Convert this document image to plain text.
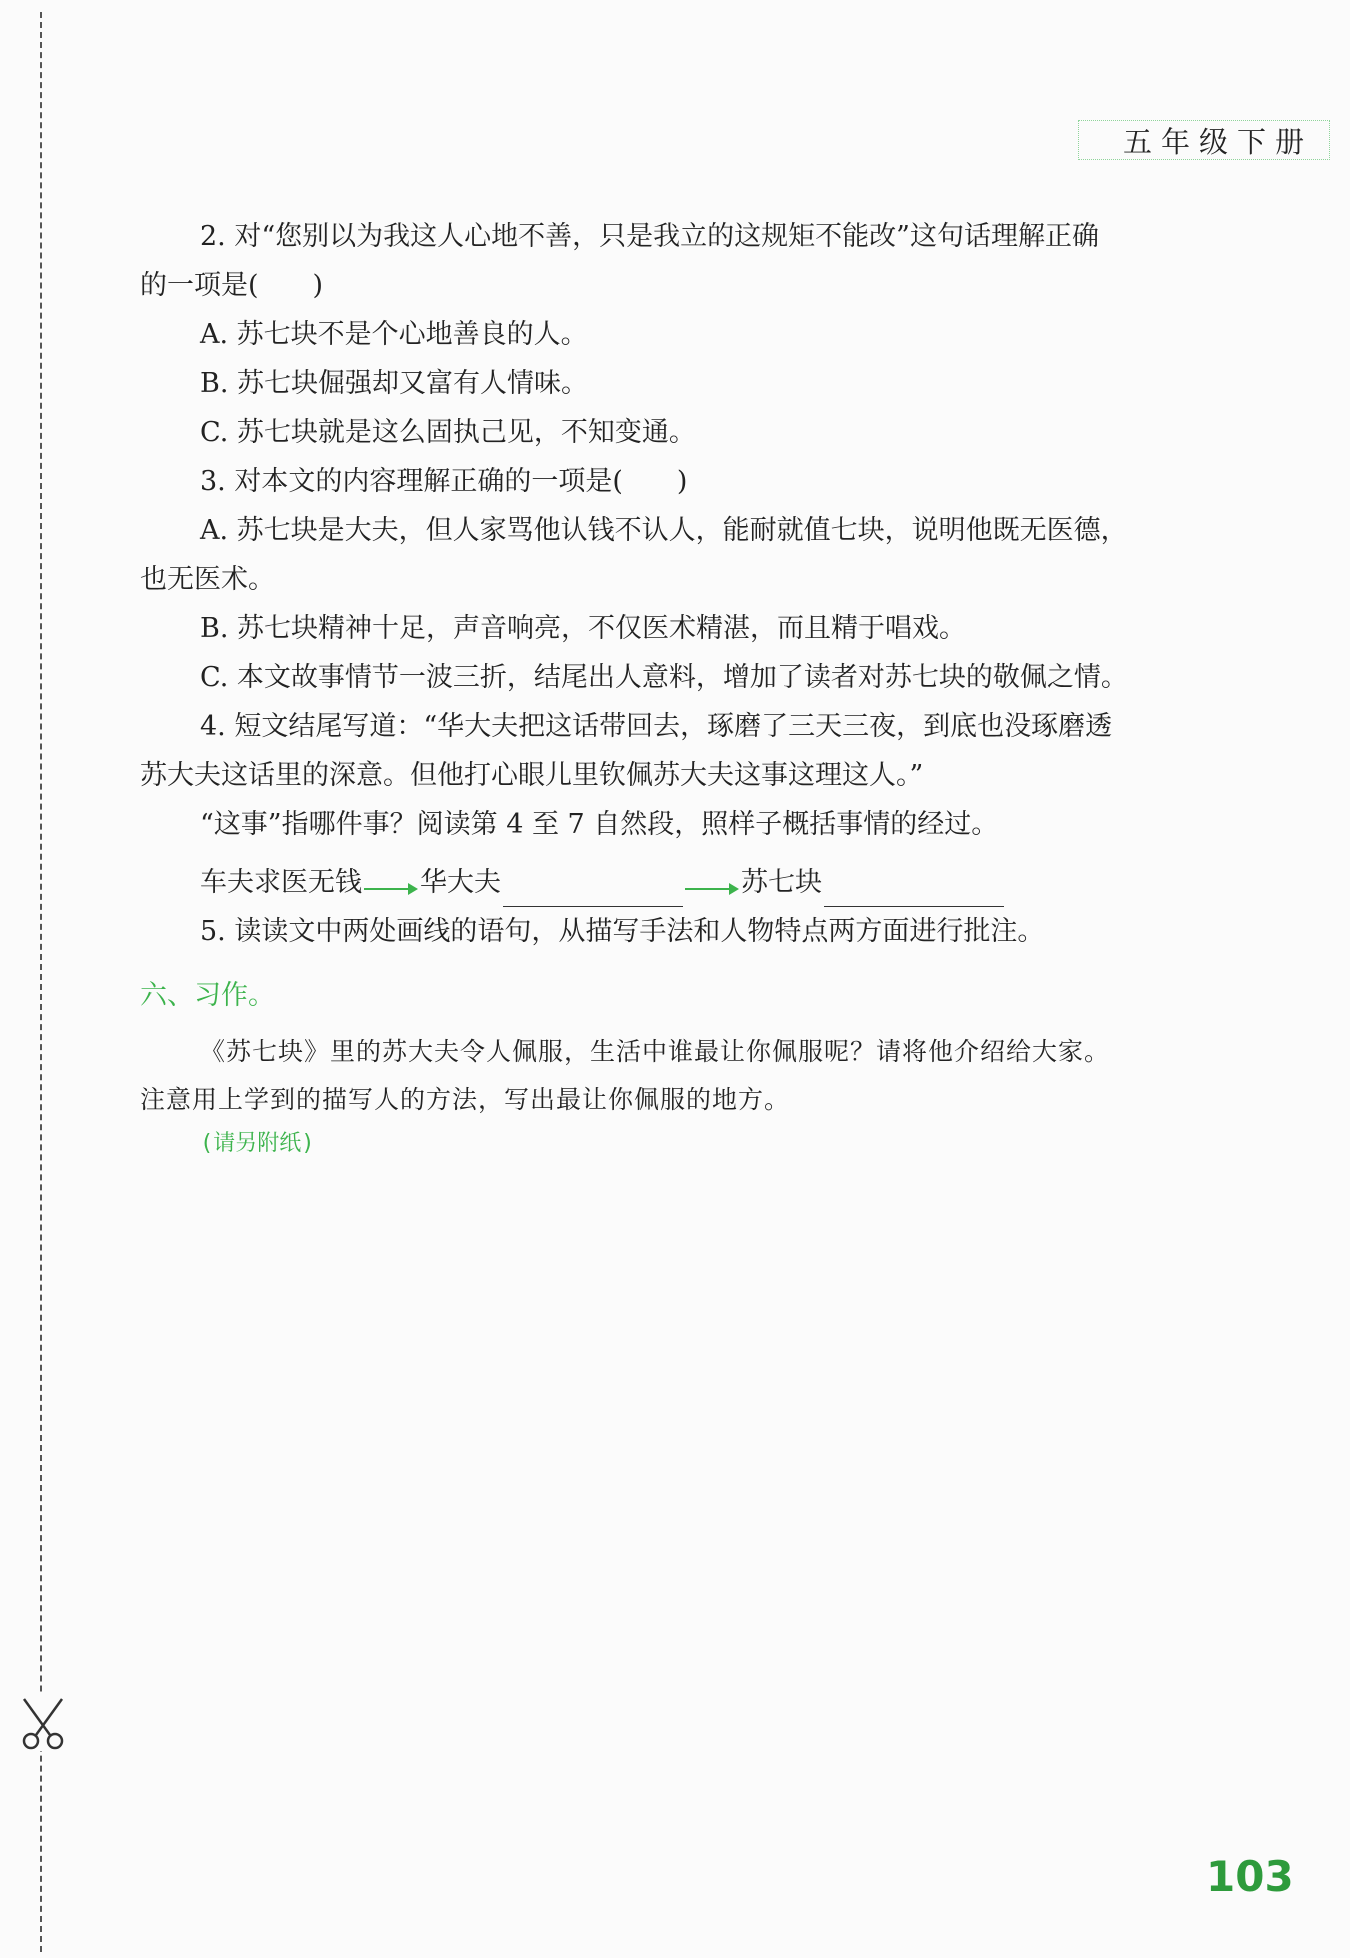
五年级下册

2. 对“您别以为我这人心地不善，只是我立的这规矩不能改”这句话理解正确

的一项是(　　)

A. 苏七块不是个心地善良的人。

B. 苏七块倔强却又富有人情味。

C. 苏七块就是这么固执己见，不知变通。

3. 对本文的内容理解正确的一项是(　　)

A. 苏七块是大夫，但人家骂他认钱不认人，能耐就值七块，说明他既无医德，

也无医术。

B. 苏七块精神十足，声音响亮，不仅医术精湛，而且精于唱戏。

C. 本文故事情节一波三折，结尾出人意料，增加了读者对苏七块的敬佩之情。

4. 短文结尾写道：“华大夫把这话带回去，琢磨了三天三夜，到底也没琢磨透

苏大夫这话里的深意。但他打心眼儿里钦佩苏大夫这事这理这人。”

“这事”指哪件事？阅读第 4 至 7 自然段，照样子概括事情的经过。

车夫求医无钱 华大夫	苏七块

5. 读读文中两处画线的语句，从描写手法和人物特点两方面进行批注。

六、习作。

《苏七块》里的苏大夫令人佩服，生活中谁最让你佩服呢？请将他介绍给大家。

注意用上学到的描写人的方法，写出最让你佩服的地方。

(请另附纸)

103
